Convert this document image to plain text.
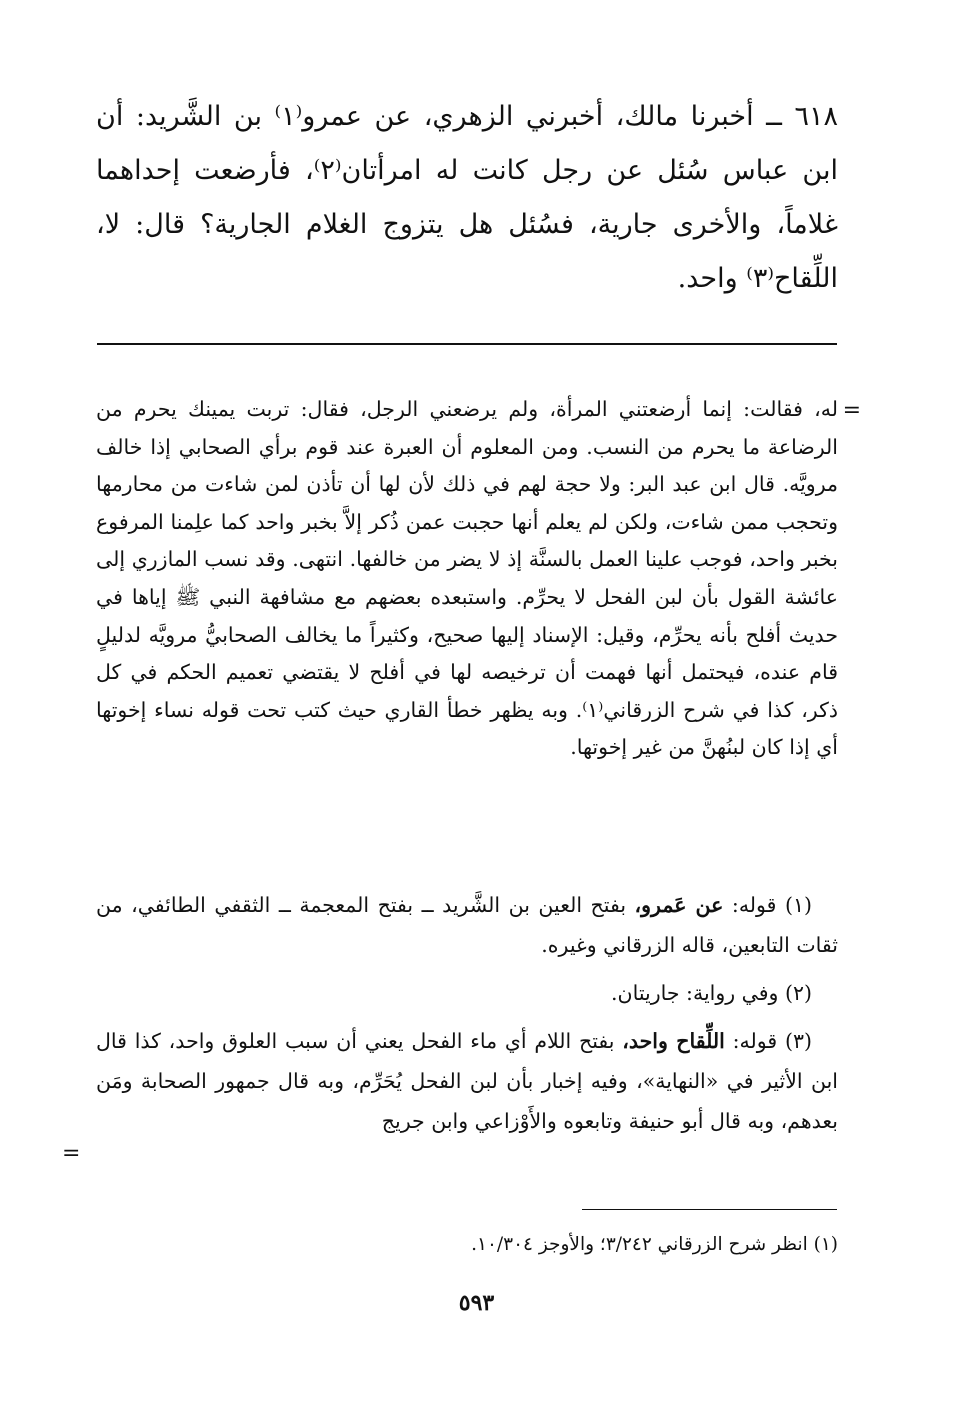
٦١٨ ــ أخبرنا مالك، أخبرني الزهري، عن عمرو⁽١⁾ بن الشَّريد: أن ابن عباس سُئل عن رجل كانت له امرأتان⁽٢⁾، فأرضعت إحداهما غلاماً، والأخرى جارية، فسُئل هل يتزوج الغلام الجارية؟ قال: لا، اللِّقاح⁽٣⁾ واحد.

=

له، فقالت: إنما أرضعتني المرأة، ولم يرضعني الرجل، فقال: تربت يمينك يحرم من الرضاعة ما يحرم من النسب. ومن المعلوم أن العبرة عند قوم برأي الصحابي إذا خالف مرويَّه. قال ابن عبد البر: ولا حجة لهم في ذلك لأن لها أن تأذن لمن شاءت من محارمها وتحجب ممن شاءت، ولكن لم يعلم أنها حجبت عمن ذُكر إلاَّ بخبر واحد كما علِمنا المرفوع بخبر واحد، فوجب علينا العمل بالسنَّة إذ لا يضر من خالفها. انتهى. وقد نسب المازري إلى عائشة القول بأن لبن الفحل لا يحرِّم. واستبعده بعضهم مع مشافهة النبي ﷺ إياها في حديث أفلح بأنه يحرِّم، وقيل: الإسناد إليها صحيح، وكثيراً ما يخالف الصحابيُّ مرويَّه لدليلٍ قام عنده، فيحتمل أنها فهمت أن ترخيصه لها في أفلح لا يقتضي تعميم الحكم في كل ذكر، كذا في شرح الزرقاني⁽١⁾. وبه يظهر خطأ القاري حيث كتب تحت قوله نساء إخوتها أي إذا كان لبنُهنَّ من غير إخوتها.

(١) قوله: عن عَمرو، بفتح العين بن الشَّريد ــ بفتح المعجمة ــ الثقفي الطائفي، من ثقات التابعين، قاله الزرقاني وغيره.

(٢) وفي رواية: جاريتان.

(٣) قوله: اللِّقاح واحد، بفتح اللام أي ماء الفحل يعني أن سبب العلوق واحد، كذا قال ابن الأثير في «النهاية»، وفيه إخبار بأن لبن الفحل يُحَرِّم، وبه قال جمهور الصحابة ومَن بعدهم، وبه قال أبو حنيفة وتابعوه والأَوْزاعي وابن جريج

=
(١) انظر شرح الزرقاني ٣/٢٤٢؛ والأوجز ١٠/٣٠٤.
٥٩٣
